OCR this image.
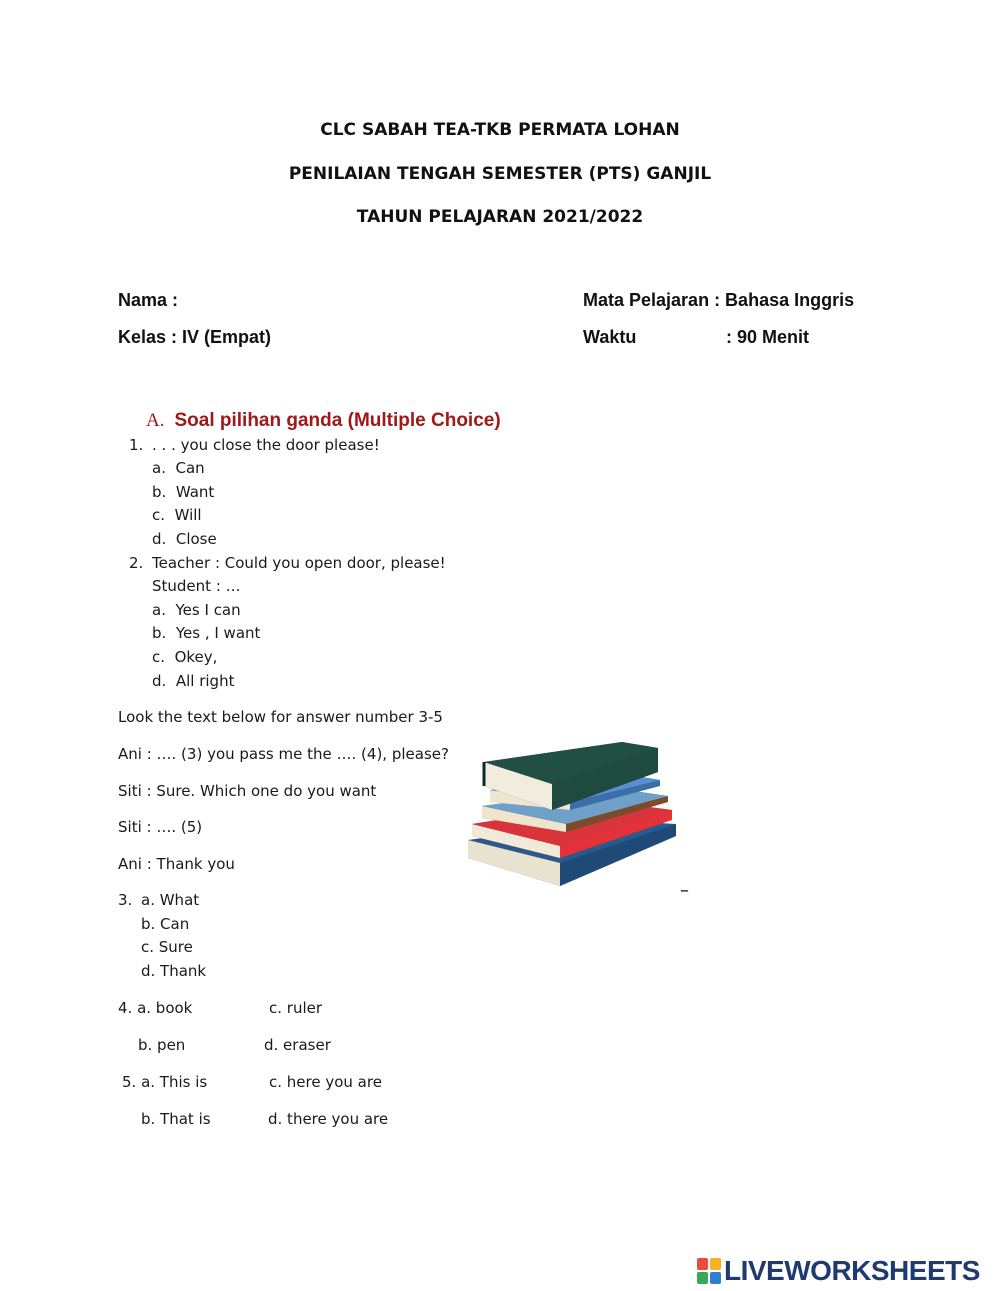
CLC SABAH TEA-TKB PERMATA LOHAN
PENILAIAN TENGAH SEMESTER (PTS) GANJIL
TAHUN PELAJARAN 2021/2022
Nama :
Kelas : IV (Empat)
Mata Pelajaran : Bahasa Inggris
Waktu	: 90 Menit
A. Soal pilihan ganda (Multiple Choice)
1. . . . you close the door please!
a. Can
b. Want
c. Will
d. Close
2. Teacher : Could you open door, please!
Student : …
a. Yes I can
b. Yes , I want
c. Okey,
d. All right
Look the text below for answer number 3-5
Ani : …. (3) you pass me the …. (4), please?
Siti : Sure. Which one do you want
Siti : …. (5)
Ani : Thank you
–
3. a. What
b. Can
c. Sure
d. Thank
4. a. book	c. ruler
b. pen	d. eraser
5. a. This is	c. here you are
b. That is	d. there you are
LIVEWORKSHEETS
